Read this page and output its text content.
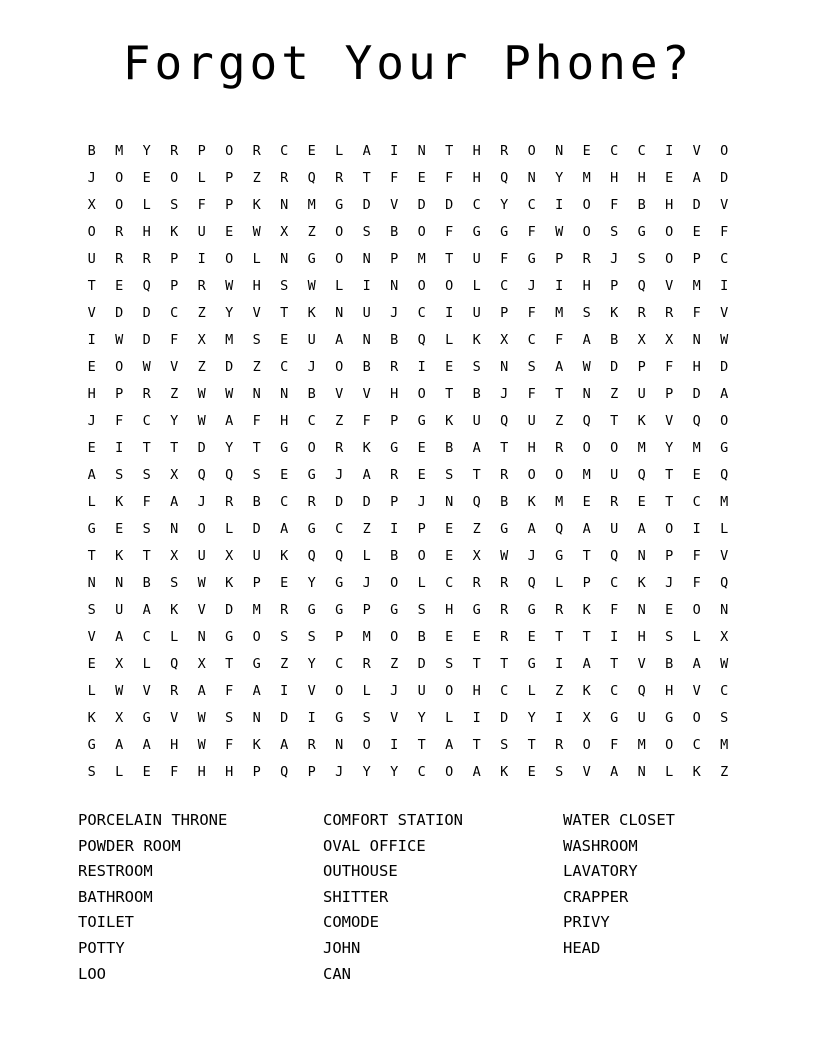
Forgot Your Phone?
B	M	Y	R	P	O	R	C	E	L	A	I	N	T	H	R	O	N	E	C	C	I	V	O
J	O	E	O	L	P	Z	R	Q	R	T	F	E	F	H	Q	N	Y	M	H	H	E	A	D
X	O	L	S	F	P	K	N	M	G	D	V	D	D	C	Y	C	I	O	F	B	H	D	V
O	R	H	K	U	E	W	X	Z	O	S	B	O	F	G	G	F	W	O	S	G	O	E	F
U	R	R	P	I	O	L	N	G	O	N	P	M	T	U	F	G	P	R	J	S	O	P	C
T	E	Q	P	R	W	H	S	W	L	I	N	O	O	L	C	J	I	H	P	Q	V	M	I
V	D	D	C	Z	Y	V	T	K	N	U	J	C	I	U	P	F	M	S	K	R	R	F	V
I	W	D	F	X	M	S	E	U	A	N	B	Q	L	K	X	C	F	A	B	X	X	N	W
E	O	W	V	Z	D	Z	C	J	O	B	R	I	E	S	N	S	A	W	D	P	F	H	D
H	P	R	Z	W	W	N	N	B	V	V	H	O	T	B	J	F	T	N	Z	U	P	D	A
J	F	C	Y	W	A	F	H	C	Z	F	P	G	K	U	Q	U	Z	Q	T	K	V	Q	O
E	I	T	T	D	Y	T	G	O	R	K	G	E	B	A	T	H	R	O	O	M	Y	M	G
A	S	S	X	Q	Q	S	E	G	J	A	R	E	S	T	R	O	O	M	U	Q	T	E	Q
L	K	F	A	J	R	B	C	R	D	D	P	J	N	Q	B	K	M	E	R	E	T	C	M
G	E	S	N	O	L	D	A	G	C	Z	I	P	E	Z	G	A	Q	A	U	A	O	I	L
T	K	T	X	U	X	U	K	Q	Q	L	B	O	E	X	W	J	G	T	Q	N	P	F	V
N	N	B	S	W	K	P	E	Y	G	J	O	L	C	R	R	Q	L	P	C	K	J	F	Q
S	U	A	K	V	D	M	R	G	G	P	G	S	H	G	R	G	R	K	F	N	E	O	N
V	A	C	L	N	G	O	S	S	P	M	O	B	E	E	R	E	T	T	I	H	S	L	X
E	X	L	Q	X	T	G	Z	Y	C	R	Z	D	S	T	T	G	I	A	T	V	B	A	W
L	W	V	R	A	F	A	I	V	O	L	J	U	O	H	C	L	Z	K	C	Q	H	V	C
K	X	G	V	W	S	N	D	I	G	S	V	Y	L	I	D	Y	I	X	G	U	G	O	S
G	A	A	H	W	F	K	A	R	N	O	I	T	A	T	S	T	R	O	F	M	O	C	M
S	L	E	F	H	H	P	Q	P	J	Y	Y	C	O	A	K	E	S	V	A	N	L	K	Z
PORCELAIN THRONE
POWDER ROOM
RESTROOM
BATHROOM
TOILET
POTTY
LOO
COMFORT STATION
OVAL OFFICE
OUTHOUSE
SHITTER
COMODE
JOHN
CAN
WATER CLOSET
WASHROOM
LAVATORY
CRAPPER
PRIVY
HEAD
